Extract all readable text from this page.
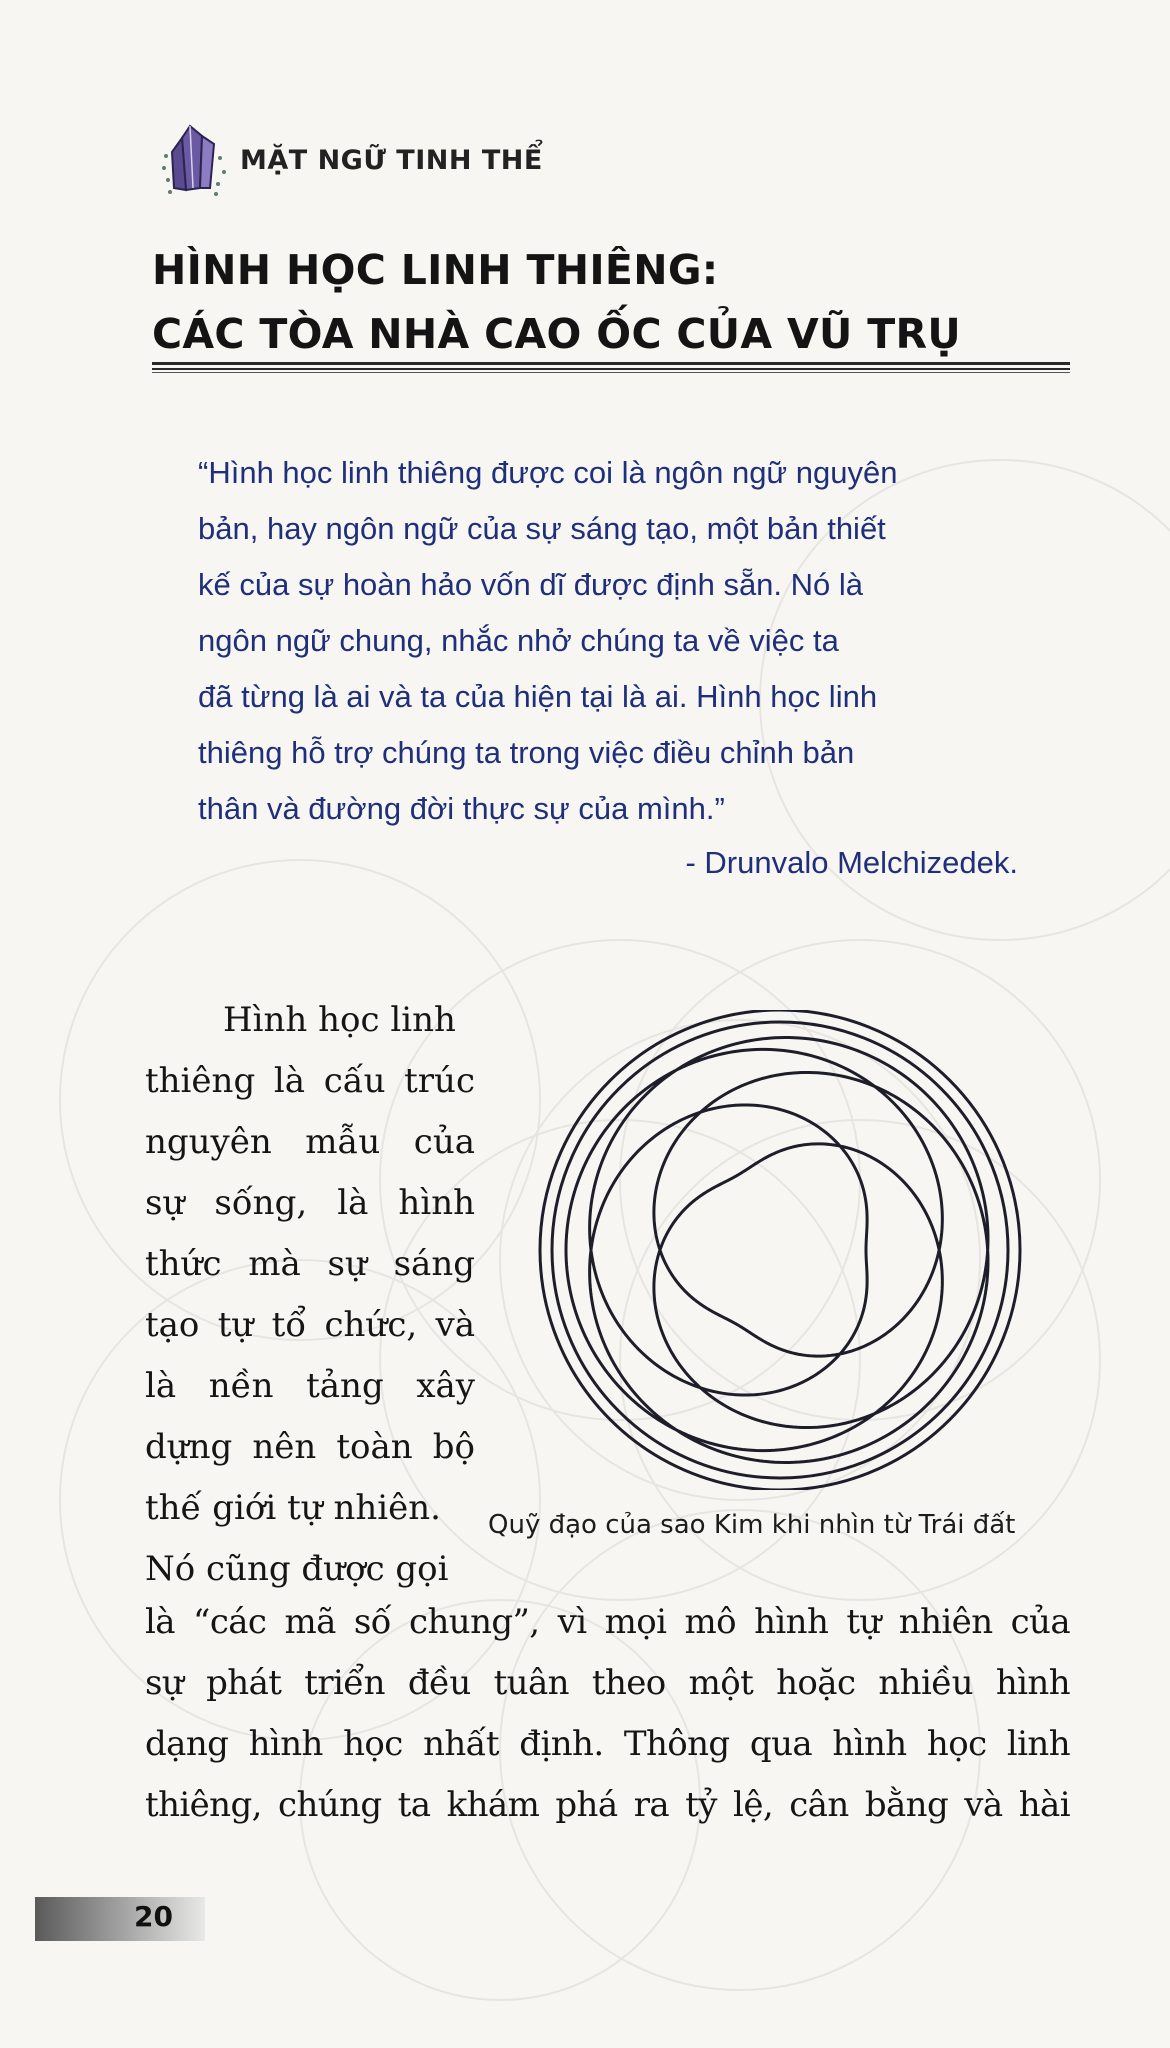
MẶT NGỮ TINH THỂ
HÌNH HỌC LINH THIÊNG:
CÁC TÒA NHÀ CAO ỐC CỦA VŨ TRỤ
“Hình học linh thiêng được coi là ngôn ngữ nguyên
bản, hay ngôn ngữ của sự sáng tạo, một bản thiết
kế của sự hoàn hảo vốn dĩ được định sẵn. Nó là
ngôn ngữ chung, nhắc nhở chúng ta về việc ta
đã từng là ai và ta của hiện tại là ai. Hình học linh
thiêng hỗ trợ chúng ta trong việc điều chỉnh bản
thân và đường đời thực sự của mình.”
- Drunvalo Melchizedek.
Hình học linh
thiêng là cấu trúc
nguyên mẫu của
sự sống, là hình
thức mà sự sáng
tạo tự tổ chức, và
là nền tảng xây
dựng nên toàn bộ
thế giới tự nhiên.
Nó cũng được gọi
Quỹ đạo của sao Kim khi nhìn từ Trái đất
là “các mã số chung”, vì mọi mô hình tự nhiên của
sự phát triển đều tuân theo một hoặc nhiều hình
dạng hình học nhất định. Thông qua hình học linh
thiêng, chúng ta khám phá ra tỷ lệ, cân bằng và hài
20
